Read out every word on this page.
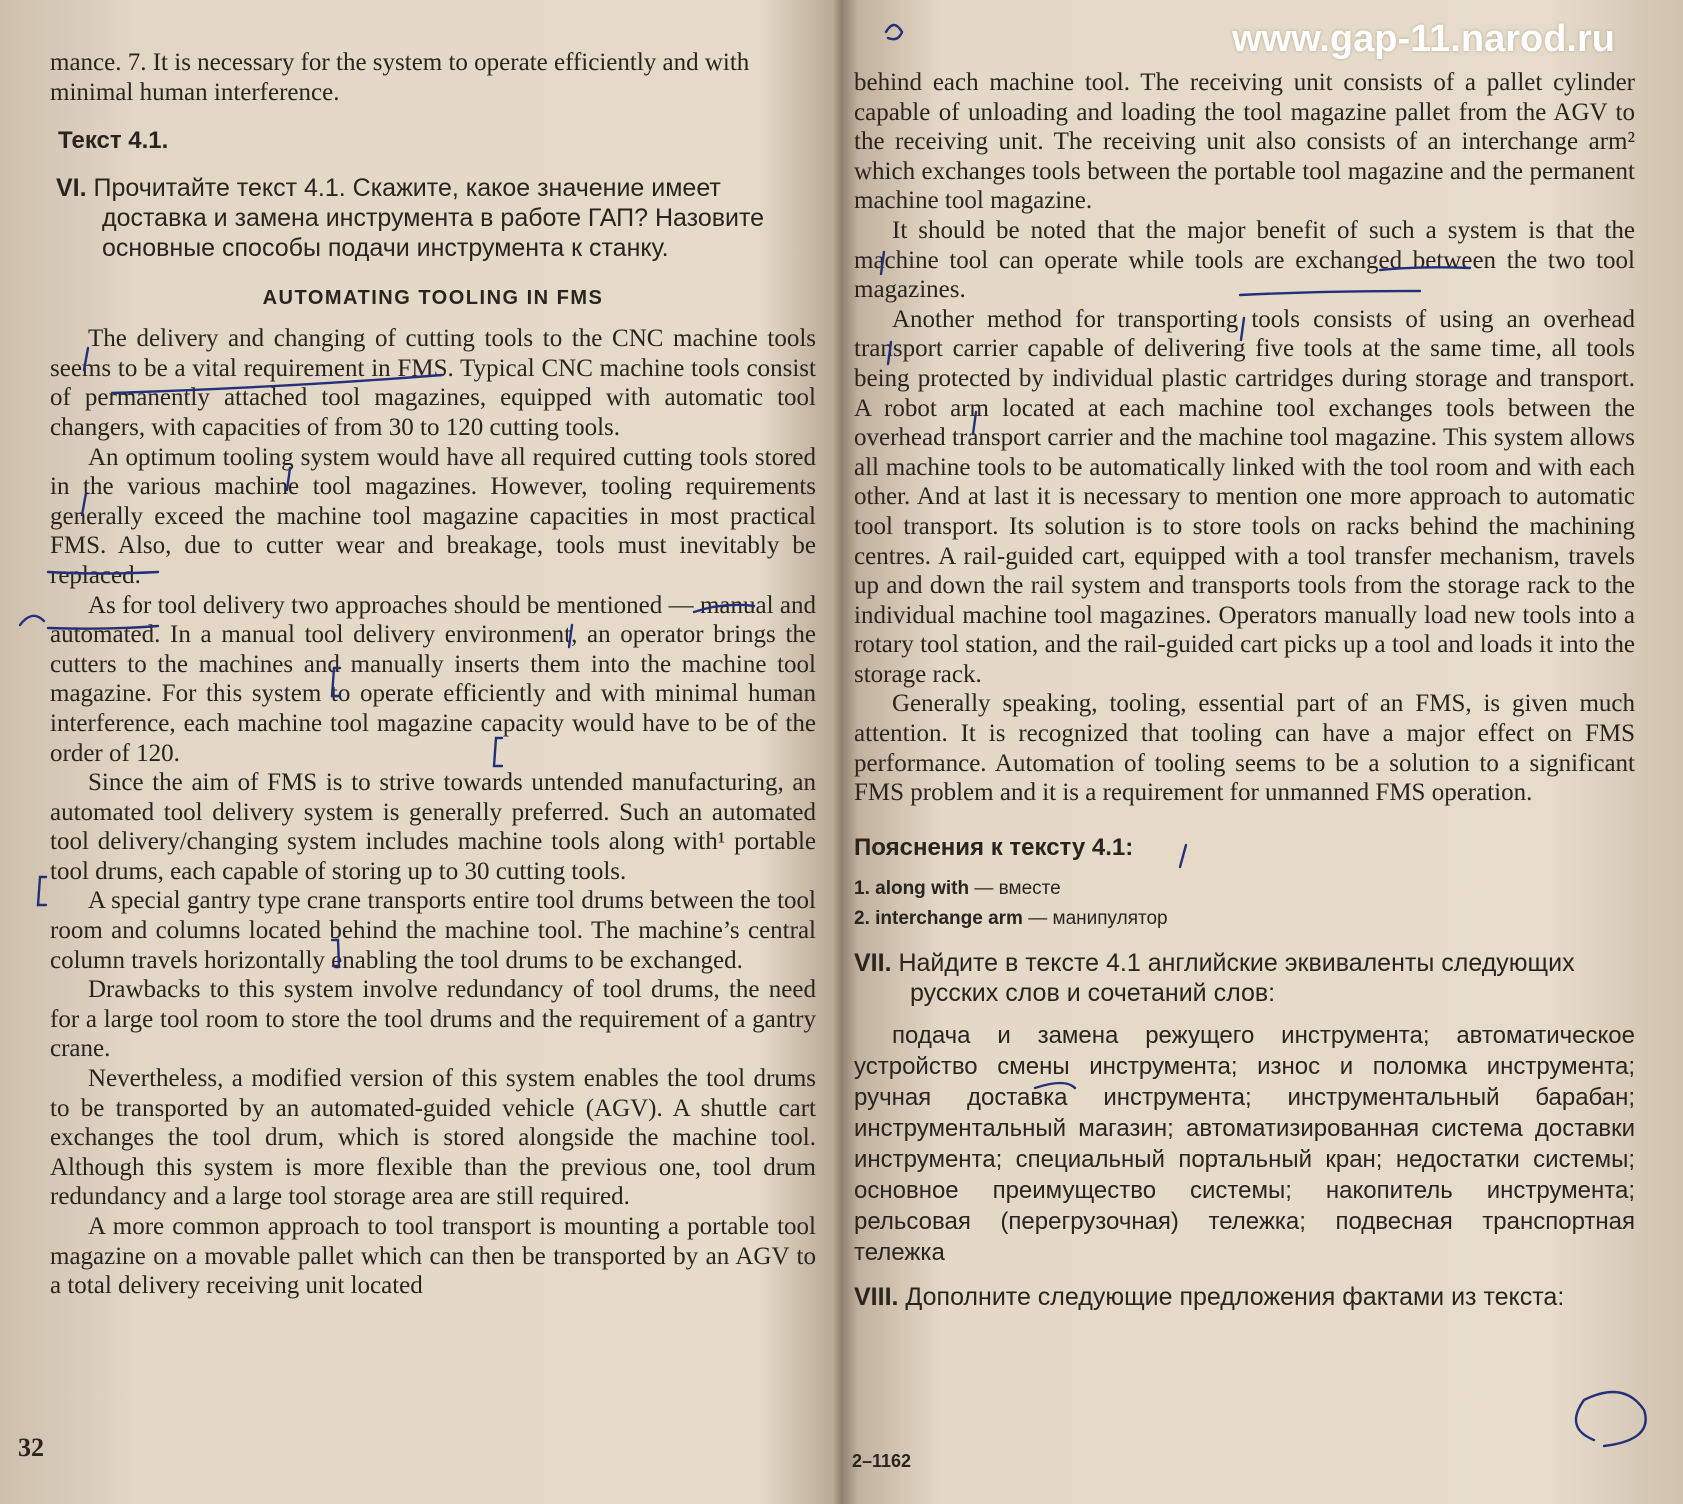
www.gap-11.narod.ru

mance. 7. It is necessary for the system to operate efficiently and with minimal human interference.

Текст 4.1.
VI. Прочитайте текст 4.1. Скажите, какое значение имеет доставка и замена инструмента в работе ГАП? Назовите основные способы подачи инструмента к станку.
AUTOMATING TOOLING IN FMS

The delivery and changing of cutting tools to the CNC machine tools seems to be a vital requirement in FMS. Typical CNC machine tools consist of permanently attached tool magazines, equipped with automatic tool changers, with capacities of from 30 to 120 cutting tools.

An optimum tooling system would have all required cutting tools stored in the various machine tool magazines. However, tooling requirements generally exceed the machine tool magazine capacities in most practical FMS. Also, due to cutter wear and breakage, tools must inevitably be replaced.

As for tool delivery two approaches should be mentioned — manual and automated. In a manual tool delivery environment, an operator brings the cutters to the machines and manually inserts them into the machine tool magazine. For this system to operate efficiently and with minimal human interference, each machine tool magazine capacity would have to be of the order of 120.

Since the aim of FMS is to strive towards untended manufacturing, an automated tool delivery system is generally preferred. Such an automated tool delivery/changing system includes machine tools along with¹ portable tool drums, each capable of storing up to 30 cutting tools.

A special gantry type crane transports entire tool drums between the tool room and columns located behind the machine tool. The machine’s central column travels horizontally enabling the tool drums to be exchanged.

Drawbacks to this system involve redundancy of tool drums, the need for a large tool room to store the tool drums and the requirement of a gantry crane.

Nevertheless, a modified version of this system enables the tool drums to be transported by an automated-guided vehicle (AGV). A shuttle cart exchanges the tool drum, which is stored alongside the machine tool. Although this system is more flexible than the previous one, tool drum redundancy and a large tool storage area are still required.

A more common approach to tool transport is mounting a portable tool magazine on a movable pallet which can then be transported by an AGV to a total delivery receiving unit located

32

behind each machine tool. The receiving unit consists of a pallet cylinder capable of unloading and loading the tool magazine pallet from the AGV to the receiving unit. The receiving unit also consists of an interchange arm² which exchanges tools between the portable tool magazine and the permanent machine tool magazine.

It should be noted that the major benefit of such a system is that the machine tool can operate while tools are exchanged between the two tool magazines.

Another method for transporting tools consists of using an overhead transport carrier capable of delivering five tools at the same time, all tools being protected by individual plastic cartridges during storage and transport. A robot arm located at each machine tool exchanges tools between the overhead transport carrier and the machine tool magazine. This system allows all machine tools to be automatically linked with the tool room and with each other. And at last it is necessary to mention one more approach to automatic tool transport. Its solution is to store tools on racks behind the machining centres. A rail-guided cart, equipped with a tool transfer mechanism, travels up and down the rail system and transports tools from the storage rack to the individual machine tool magazines. Operators manually load new tools into a rotary tool station, and the rail-guided cart picks up a tool and loads it into the storage rack.

Generally speaking, tooling, essential part of an FMS, is given much attention. It is recognized that tooling can have a major effect on FMS performance. Automation of tooling seems to be a solution to a significant FMS problem and it is a requirement for unmanned FMS operation.

Пояснения к тексту 4.1:
1. along with — вместе
2. interchange arm — манипулятор
VII. Найдите в тексте 4.1 английские эквиваленты следующих русских слов и сочетаний слов:
подача и замена режущего инструмента; автоматическое устройство смены инструмента; износ и поломка инструмента; ручная доставка инструмента; инструментальный барабан; инструментальный магазин; автоматизированная система доставки инструмента; специальный портальный кран; недостатки системы; основное преимущество системы; накопитель инструмента; рельсовая (перегрузочная) тележка; подвесная транспортная тележка
VIII. Дополните следующие предложения фактами из текста:
2–1162
